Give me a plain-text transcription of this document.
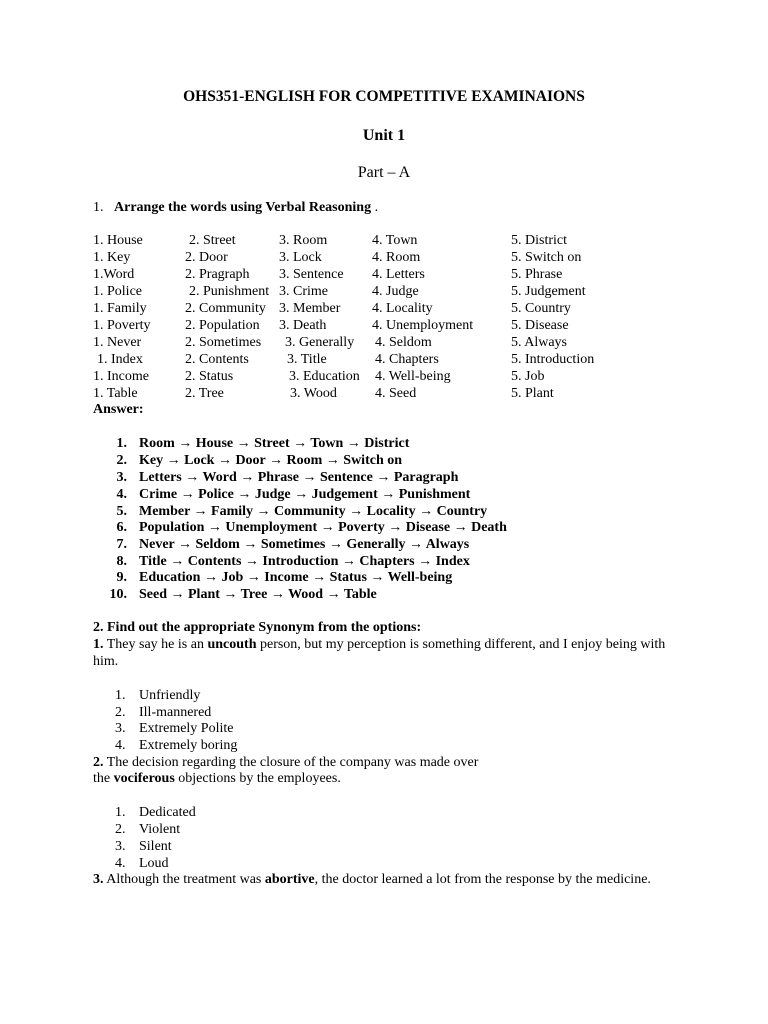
OHS351-ENGLISH FOR COMPETITIVE EXAMINAIONS
Unit 1
Part – A
1. Arrange the words using Verbal Reasoning .
1. House	2. Street	3. Room	4. Town	5. District
1. Key	2. Door	3. Lock	4. Room	5. Switch on
1.Word	2. Pragraph 3. Sentence 4. Letters	5. Phrase
1. Police	2. Punishment 3. Crime	4. Judge	5. Judgement
1. Family	2. Community 3. Member 4. Locality	5. Country
1. Poverty 2. Population 3. Death	4. Unemployment	5. Disease
1. Never	2. Sometimes 3. Generally 4. Seldom	5. Always
1. Index	2. Contents	3. Title	4. Chapters	5. Introduction
1. Income	2. Status	3. Education 4. Well-being	5. Job
1. Table	2. Tree	3. Wood	4. Seed	5. Plant
Answer:
1. Room → House → Street → Town → District
2. Key → Lock → Door → Room → Switch on
3. Letters → Word → Phrase → Sentence → Paragraph
4. Crime → Police → Judge → Judgement → Punishment
5. Member → Family → Community → Locality → Country
6. Population → Unemployment → Poverty → Disease → Death
7. Never → Seldom → Sometimes → Generally → Always
8. Title → Contents → Introduction → Chapters → Index
9. Education → Job → Income → Status → Well-being
10. Seed → Plant → Tree → Wood → Table
2. Find out the appropriate Synonym from the options:
1. They say he is an uncouth person, but my perception is something different, and I enjoy being with him.
1. Unfriendly
2. Ill-mannered
3. Extremely Polite
4. Extremely boring
2. The decision regarding the closure of the company was made over
the vociferous objections by the employees.
1. Dedicated
2. Violent
3. Silent
4. Loud
3. Although the treatment was abortive, the doctor learned a lot from the response by the medicine.
